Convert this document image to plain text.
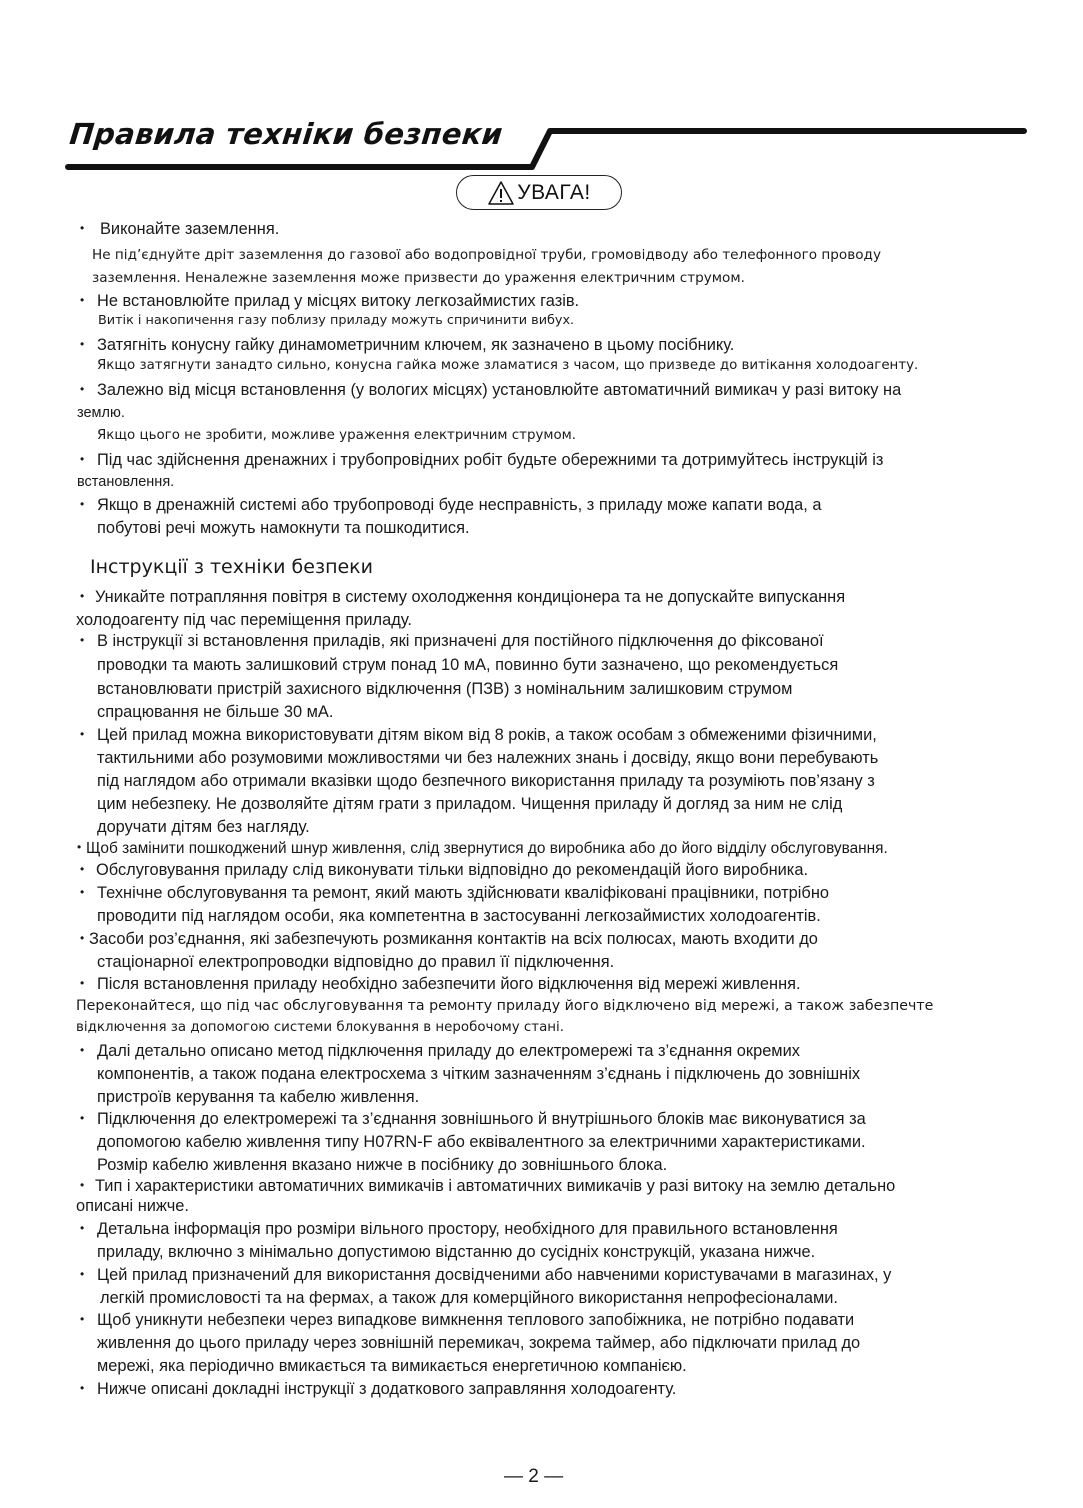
Правила техніки безпеки
УВАГА!
• Виконайте заземлення.
Не під’єднуйте дріт заземлення до газової або водопровідної труби, громовідводу або телефонного проводу
заземлення. Неналежне заземлення може призвести до ураження електричним струмом.
• Не встановлюйте прилад у місцях витоку легкозаймистих газів.
Витік і накопичення газу поблизу приладу можуть спричинити вибух.
• Затягніть конусну гайку динамометричним ключем, як зазначено в цьому посібнику.
Якщо затягнути занадто сильно, конусна гайка може зламатися з часом, що призведе до витікання холодоагенту.
• Залежно від місця встановлення (у вологих місцях) установлюйте автоматичний вимикач у разі витоку на
землю.
Якщо цього не зробити, можливе ураження електричним струмом.
• Під час здійснення дренажних і трубопровідних робіт будьте обережними та дотримуйтесь інструкцій із
встановлення.
• Якщо в дренажній системі або трубопроводі буде несправність, з приладу може капати вода, а
побутові речі можуть намокнути та пошкодитися.
Інструкції з техніки безпеки
• Уникайте потрапляння повітря в систему охолодження кондиціонера та не допускайте випускання
холодоагенту під час переміщення приладу.
• В інструкції зі встановлення приладів, які призначені для постійного підключення до фіксованої
проводки та мають залишковий струм понад 10 мА, повинно бути зазначено, що рекомендується
встановлювати пристрій захисного відключення (ПЗВ) з номінальним залишковим струмом
спрацювання не більше 30 мА.
• Цей прилад можна використовувати дітям віком від 8 років, а також особам з обмеженими фізичними,
тактильними або розумовими можливостями чи без належних знань і досвіду, якщо вони перебувають
під наглядом або отримали вказівки щодо безпечного використання приладу та розуміють пов’язану з
цим небезпеку. Не дозволяйте дітям грати з приладом. Чищення приладу й догляд за ним не слід
доручати дітям без нагляду.
• Щоб замінити пошкоджений шнур живлення, слід звернутися до виробника або до його відділу обслуговування.
• Обслуговування приладу слід виконувати тільки відповідно до рекомендацій його виробника.
• Технічне обслуговування та ремонт, який мають здійснювати кваліфіковані працівники, потрібно
проводити під наглядом особи, яка компетентна в застосуванні легкозаймистих холодоагентів.
• Засоби роз’єднання, які забезпечують розмикання контактів на всіх полюсах, мають входити до
стаціонарної електропроводки відповідно до правил її підключення.
• Після встановлення приладу необхідно забезпечити його відключення від мережі живлення.
Переконайтеся, що під час обслуговування та ремонту приладу його відключено від мережі, а також забезпечте
відключення за допомогою системи блокування в неробочому стані.
• Далі детально описано метод підключення приладу до електромережі та з’єднання окремих
компонентів, а також подана електросхема з чітким зазначенням з’єднань і підключень до зовнішніх
пристроїв керування та кабелю живлення.
• Підключення до електромережі та з’єднання зовнішнього й внутрішнього блоків має виконуватися за
допомогою кабелю живлення типу H07RN-F або еквівалентного за електричними характеристиками.
Розмір кабелю живлення вказано нижче в посібнику до зовнішнього блока.
• Тип і характеристики автоматичних вимикачів і автоматичних вимикачів у разі витоку на землю детально
описані нижче.
• Детальна інформація про розміри вільного простору, необхідного для правильного встановлення
приладу, включно з мінімально допустимою відстанню до сусідніх конструкцій, указана нижче.
• Цей прилад призначений для використання досвідченими або навченими користувачами в магазинах, у
легкій промисловості та на фермах, а також для комерційного використання непрофесіоналами.
• Щоб уникнути небезпеки через випадкове вимкнення теплового запобіжника, не потрібно подавати
живлення до цього приладу через зовнішній перемикач, зокрема таймер, або підключати прилад до
мережі, яка періодично вмикається та вимикається енергетичною компанією.
• Нижче описані докладні інструкції з додаткового заправляння холодоагенту.
— 2 —
